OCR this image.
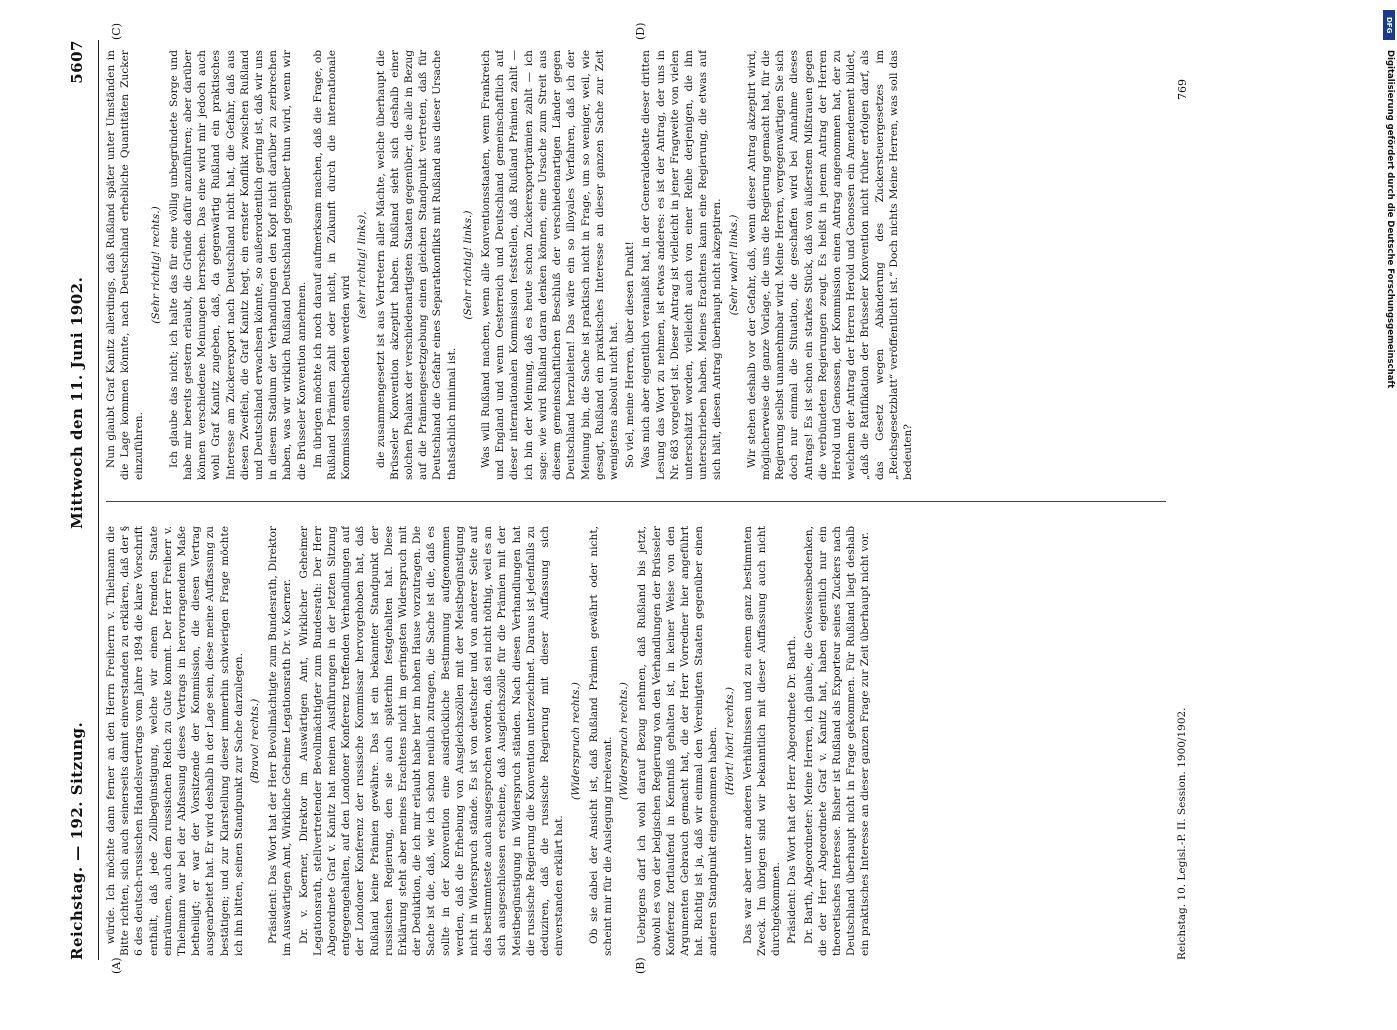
Reichstag. — 192. Sitzung.
Mittwoch den 11. Juni 1902.
5607
(A)	(B)
(C)	(D)

würde. Ich möchte dann ferner an den Herrn Freiherrn v. Thielmann die Bitte richten, sich auch seinerseits damit einverstanden zu erklären, daß der § 6 des deutsch-russischen Handelsvertrags vom Jahre 1894 die klare Vorschrift enthält, daß jede Zollbegünstigung, welche wir einem fremden Staate einräumen, auch dem russischen Reich zu Gute kommt. Der Herr Freiherr v. Thielmann war bei der Abfassung dieses Vertrags in hervorragendem Maße betheiligt; er war der Vorsitzende der Kommission, die diesen Vertrag ausgearbeitet hat. Er wird deshalb in der Lage sein, diese meine Auffassung zu bestätigen; und zur Klarstellung dieser immerhin schwierigen Frage möchte ich ihn bitten, seinen Standpunkt zur Sache darzulegen. (Bravo! rechts.) Präsident: Das Wort hat der Herr Bevollmächtigte zum Bundesrath, Direktor im Auswärtigen Amt, Wirkliche Geheime Legationsrath Dr. v. Koerner. Dr. v. Koerner, Direktor im Auswärtigen Amt, Wirklicher Geheimer Legationsrath, stellvertretender Bevollmächtigter zum Bundesrath: Der Herr Abgeordnete Graf v. Kanitz hat meinen Ausführungen in der letzten Sitzung entgegengehalten, auf den Londoner Konferenz treffenden Verhandlungen auf der Londoner Konferenz der russische Kommissar hervorgehoben hat, daß Rußland keine Prämien gewähre. Das ist ein bekannter Standpunkt der russischen Regierung, den sie auch späterhin festgehalten hat. Diese Erklärung steht aber meines Erachtens nicht im geringsten Widerspruch mit der Deduktion, die ich mir erlaubt habe hier im hohen Hause vorzutragen. Die Sache ist die, daß, wie ich schon neulich zutragen, die Sache ist die, daß es sollte in der Konvention eine ausdrückliche Bestimmung aufgenommen werden, daß die Erhebung von Ausgleichszöllen mit der Meistbegünstigung nicht in Widerspruch stände. Es ist von deutscher und von anderer Seite auf das bestimmteste auch ausgesprochen worden, daß sei nicht nöthig, weil es an sich ausgeschlossen erscheine, daß Ausgleichszölle für die Prämien mit der Meistbegünstigung in Widerspruch ständen. Nach diesen Verhandlungen hat die russische Regierung die Konvention unterzeichnet. Daraus ist jedenfalls zu deduziren, daß die russische Regierung mit dieser Auffassung sich einverstanden erklärt hat.

(Widerspruch rechts.) Ob sie dabei der Ansicht ist, daß Rußland Prämien gewährt oder nicht, scheint mir für die Auslegung irrelevant. (Widerspruch rechts.) Uebrigens darf ich wohl darauf Bezug nehmen, daß Rußland bis jetzt, obwohl es von der belgischen Regierung von den Verhandlungen der Brüsseler Konferenz fortlaufend in Kenntniß gehalten ist, in keiner Weise von den Argumenten Gebrauch gemacht hat, die der Herr Vorredner hier angeführt hat. Richtig ist ja, daß wir einmal den Vereinigten Staaten gegenüber einen anderen Standpunkt eingenommen haben. (Hört! hört! rechts.) Das war aber unter anderen Verhältnissen und zu einem ganz bestimmten Zweck. Im übrigen sind wir bekanntlich mit dieser Auffassung auch nicht durchgekommen. Präsident: Das Wort hat der Herr Abgeordnete Dr. Barth. Dr. Barth, Abgeordneter: Meine Herren, ich glaube, die Gewissensbedenken, die der Herr Abgeordnete Graf v. Kanitz hat, haben eigentlich nur ein theoretisches Interesse. Bisher ist Rußland als Exporteur seines Zuckers nach Deutschland überhaupt nicht in Frage gekommen. Für Rußland liegt deshalb ein praktisches Interesse an dieser ganzen Frage zur Zeit überhaupt nicht vor.

Nun glaubt Graf Kanitz allerdings, daß Rußland später unter Umständen in die Lage kommen könnte, nach Deutschland erhebliche Quantitäten Zucker einzuführen.

(Sehr richtig! rechts.) Ich glaube das nicht; ich halte das für eine völlig unbegründete Sorge und habe mir bereits gestern erlaubt, die Gründe dafür anzuführen; aber darüber können verschiedene Meinungen herrschen. Das eine wird mir jedoch auch wohl Graf Kanitz zugeben, daß, da gegenwärtig Rußland ein praktisches Interesse am Zuckerexport nach Deutschland nicht hat, die Gefahr, daß aus diesen Zweifeln, die Graf Kanitz hegt, ein ernster Konflikt zwischen Rußland und Deutschland erwachsen könnte, so außerordentlich gering ist, daß wir uns in diesem Stadium der Verhandlungen den Kopf nicht darüber zu zerbrechen haben, was wir wirklich Rußland Deutschland gegenüber thun wird, wenn wir die Brüsseler Konvention annehmen. Im übrigen möchte ich noch darauf aufmerksam machen, daß die Frage, ob Rußland Prämien zahlt oder nicht, in Zukunft durch die internationale Kommission entschieden werden wird

(sehr richtig! links), die zusammengesetzt ist aus Vertretern aller Mächte, welche überhaupt die Brüsseler Konvention akzeptirt haben. Rußland sieht sich deshalb einer solchen Phalanx der verschiedenartigsten Staaten gegenüber, die alle in Bezug auf die Prämiengesetzgebung einen gleichen Standpunkt vertreten, daß für Deutschland die Gefahr eines Separatkonflikts mit Rußland aus dieser Ursache thatsächlich minimal ist.

(Sehr richtig! links.) Was will Rußland machen, wenn alle Konventionsstaaten, wenn Frankreich und England und wenn Oesterreich und Deutschland gemeinschaftlich auf dieser internationalen Kommission feststellen, daß Rußland Prämien zahlt — ich bin der Meinung, daß es heute schon Zuckerexportprämien zahlt — ich sage: wie wird Rußland daran denken können, eine Ursache zum Streit aus diesem gemeinschaftlichen Beschluß der verschiedenartigen Länder gegen Deutschland herzuleiten! Das wäre ein so illoyales Verfahren, daß ich der Meinung bin, die Sache ist praktisch nicht in Frage, um so weniger, weil, wie gesagt, Rußland ein praktisches Interesse an dieser ganzen Sache zur Zeit wenigstens absolut nicht hat. So viel, meine Herren, über diesen Punkt! Was mich aber eigentlich veranlaßt hat, in der Generaldebatte dieser dritten Lesung das Wort zu nehmen, ist etwas anderes: es ist der Antrag, der uns in Nr. 683 vorgelegt ist. Dieser Antrag ist vielleicht in jener Fragweite von vielen unterschätzt worden, vielleicht auch von einer Reihe derjenigen, die ihn unterschrieben haben. Meines Erachtens kann eine Regierung, die etwas auf sich hält, diesen Antrag überhaupt nicht akzeptiren. (Sehr wahr! links.) Wir stehen deshalb vor der Gefahr, daß, wenn dieser Antrag akzeptirt wird, möglicherweise die ganze Vorlage, die uns die Regierung gemacht hat, für die Regierung selbst unannehmbar wird. Meine Herren, vergegenwärtigen Sie sich doch nur einmal die Situation, die geschaffen wird bei Annahme dieses Antrags! Es ist schon ein starkes Stück, daß von äußerstem Mißtrauen gegen die verbündeten Regierungen zeugt. Es heißt in jenem Antrag der Herren Herold und Genossen, der Kommission einen Antrag angenommen hat, der zu welchem der Antrag der Herren Herold und Genossen ein Amendement bildet, „daß die Ratifikation der Brüsseler Konvention nicht früher erfolgen darf, als das Gesetz wegen Abänderung des Zuckersteuergesetzes im „Reichsgesetzblatt“ veröffentlicht ist.“ Doch nichts Meine Herren, was soll das bedeuten?

Reichstag. 10. Legisl.-P. II. Session. 1900/1902.
769
DFG
Digitalisierung gefördert durch die Deutsche Forschungsgemeinschaft
